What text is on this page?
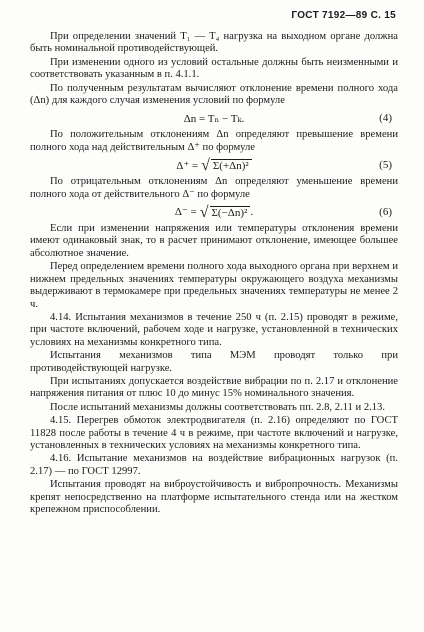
ГОСТ 7192—89 С. 15

При определении значений T₁ — T₄ нагрузка на выходном органе должна быть номинальной противодействующей.

При изменении одного из условий остальные должны быть неизменными и соответствовать указанным в п. 4.1.1.

По полученным результатам вычисляют отклонение времени полного хода (Δn) для каждого случая изменения условий по формуле

Δn = Tₙ − Tₖ.	(4)

По положительным отклонениям Δn определяют превышение времени полного хода над действительным Δ⁺ по формуле

Δ⁺ = √ Σ(+Δn)²	(5)

По отрицательным отклонениям Δn определяют уменьшение времени полного хода от действительного Δ⁻ по формуле

Δ⁻ = √ Σ(−Δn)² .	(6)

Если при изменении напряжения или температуры отклонения времени имеют одинаковый знак, то в расчет принимают отклонение, имеющее большее абсолютное значение.

Перед определением времени полного хода выходного органа при верхнем и нижнем предельных значениях температуры окружающего воздуха механизмы выдерживают в термокамере при предельных значениях температуры не менее 2 ч.

4.14. Испытания механизмов в течение 250 ч (п. 2.15) проводят в режиме, при частоте включений, рабочем ходе и нагрузке, установленной в технических условиях на механизмы конкретного типа.

Испытания механизмов типа МЭМ проводят только при противодействующей нагрузке.

При испытаниях допускается воздействие вибрации по п. 2.17 и отклонение напряжения питания от плюс 10 до минус 15% номинального значения.

После испытаний механизмы должны соответствовать пп. 2.8, 2.11 и 2.13.

4.15. Перегрев обмоток электродвигателя (п. 2.16) определяют по ГОСТ 11828 после работы в течение 4 ч в режиме, при частоте включений и нагрузке, установленных в технических условиях на механизмы конкретного типа.

4.16. Испытание механизмов на воздействие вибрационных нагрузок (п. 2.17) — по ГОСТ 12997.

Испытания проводят на виброустойчивость и вибропрочность. Механизмы крепят непосредственно на платформе испытательного стенда или на жестком крепежном приспособлении.
